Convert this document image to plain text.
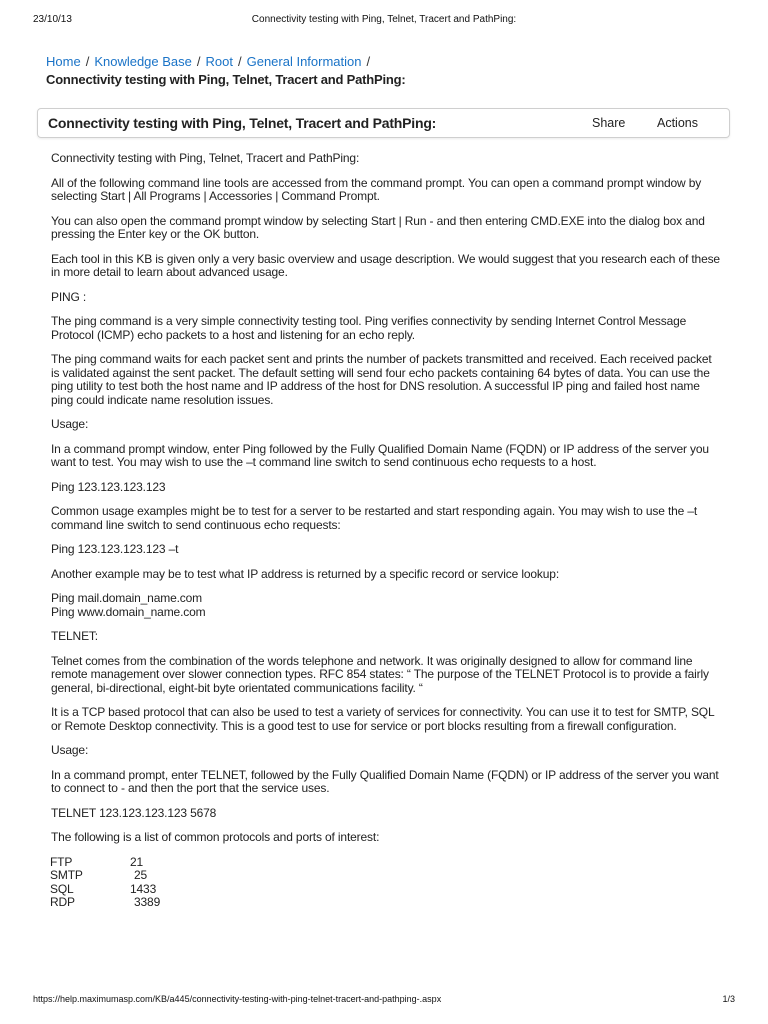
23/10/13	Connectivity testing with Ping, Telnet, Tracert and PathPing:
Home / Knowledge Base / Root / General Information /
Connectivity testing with Ping, Telnet, Tracert and PathPing:
Connectivity testing with Ping, Telnet, Tracert and PathPing:	Share	Actions

Connectivity testing with Ping, Telnet, Tracert and PathPing:

All of the following command line tools are accessed from the command prompt. You can open a command prompt window by selecting Start | All Programs | Accessories | Command Prompt.

You can also open the command prompt window by selecting Start | Run - and then entering CMD.EXE into the dialog box and pressing the Enter key or the OK button.

Each tool in this KB is given only a very basic overview and usage description. We would suggest that you research each of these in more detail to learn about advanced usage.

PING :

The ping command is a very simple connectivity testing tool. Ping verifies connectivity by sending Internet Control Message Protocol (ICMP) echo packets to a host and listening for an echo reply.

The ping command waits for each packet sent and prints the number of packets transmitted and received. Each received packet is validated against the sent packet. The default setting will send four echo packets containing 64 bytes of data. You can use the ping utility to test both the host name and IP address of the host for DNS resolution. A successful IP ping and failed host name ping could indicate name resolution issues.

Usage:

In a command prompt window, enter Ping followed by the Fully Qualified Domain Name (FQDN) or IP address of the server you want to test. You may wish to use the –t command line switch to send continuous echo requests to a host.

Ping 123.123.123.123

Common usage examples might be to test for a server to be restarted and start responding again. You may wish to use the –t command line switch to send continuous echo requests:

Ping 123.123.123.123 –t

Another example may be to test what IP address is returned by a specific record or service lookup:

Ping mail.domain_name.com

Ping www.domain_name.com

TELNET:

Telnet comes from the combination of the words telephone and network. It was originally designed to allow for command line remote management over slower connection types. RFC 854 states: “ The purpose of the TELNET Protocol is to provide a fairly general, bi-directional, eight-bit byte orientated communications facility. “

It is a TCP based protocol that can also be used to test a variety of services for connectivity. You can use it to test for SMTP, SQL or Remote Desktop connectivity. This is a good test to use for service or port blocks resulting from a firewall configuration.

Usage:

In a command prompt, enter TELNET, followed by the Fully Qualified Domain Name (FQDN) or IP address of the server you want to connect to - and then the port that the service uses.

TELNET 123.123.123.123 5678

The following is a list of common protocols and ports of interest:

FTP	21
SMTP	25
SQL	1433
RDP	3389
https://help.maximumasp.com/KB/a445/connectivity-testing-with-ping-telnet-tracert-and-pathping-.aspx	1/3
